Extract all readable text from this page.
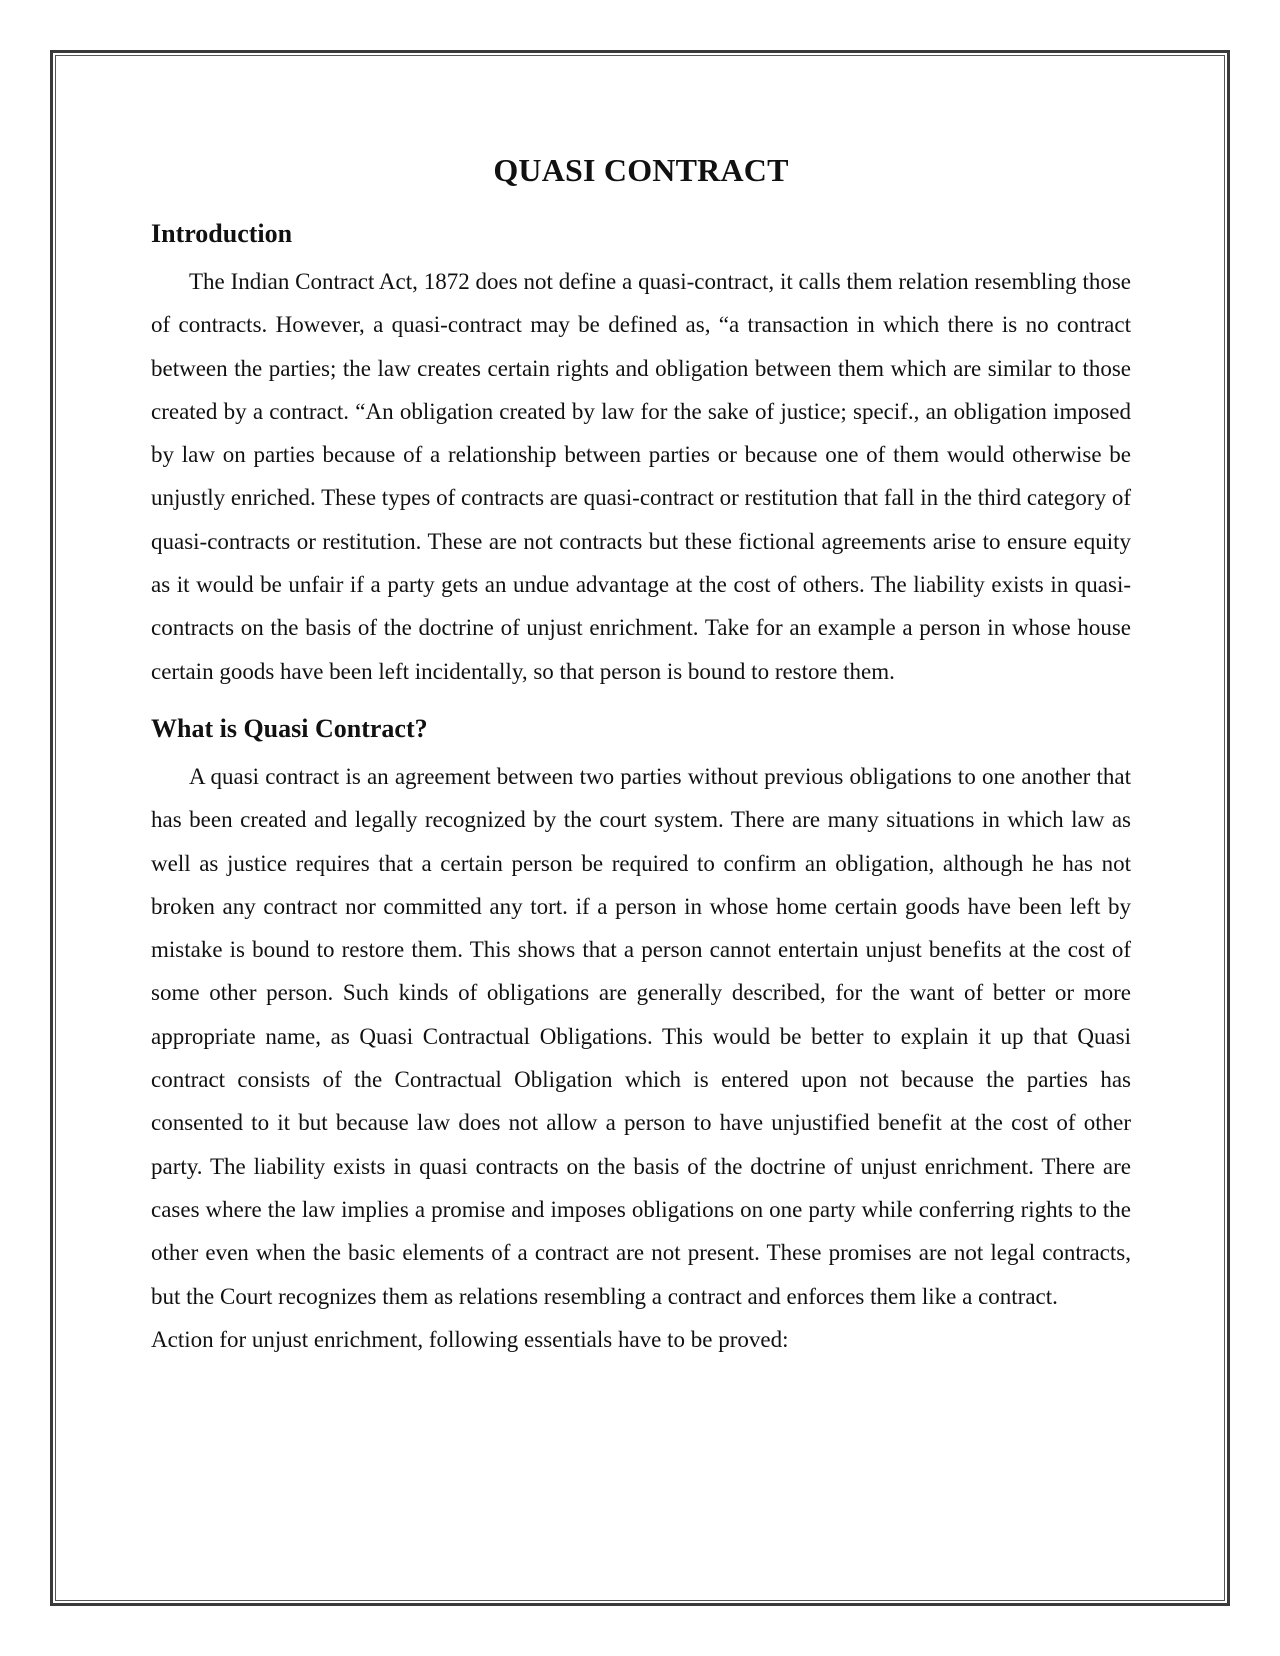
QUASI CONTRACT
Introduction

The Indian Contract Act, 1872 does not define a quasi-contract, it calls them relation resembling those of contracts. However, a quasi-contract may be defined as, “a transaction in which there is no contract between the parties; the law creates certain rights and obligation between them which are similar to those created by a contract. “An obligation created by law for the sake of justice; specif., an obligation imposed by law on parties because of a relationship between parties or because one of them would otherwise be unjustly enriched. These types of contracts are quasi-contract or restitution that fall in the third category of quasi-contracts or restitution. These are not contracts but these fictional agreements arise to ensure equity as it would be unfair if a party gets an undue advantage at the cost of others. The liability exists in quasi-contracts on the basis of the doctrine of unjust enrichment. Take for an example a person in whose house certain goods have been left incidentally, so that person is bound to restore them.

What is Quasi Contract?

A quasi contract is an agreement between two parties without previous obligations to one another that has been created and legally recognized by the court system. There are many situations in which law as well as justice requires that a certain person be required to confirm an obligation, although he has not broken any contract nor committed any tort. if a person in whose home certain goods have been left by mistake is bound to restore them. This shows that a person cannot entertain unjust benefits at the cost of some other person. Such kinds of obligations are generally described, for the want of better or more appropriate name, as Quasi Contractual Obligations. This would be better to explain it up that Quasi contract consists of the Contractual Obligation which is entered upon not because the parties has consented to it but because law does not allow a person to have unjustified benefit at the cost of other party. The liability exists in quasi contracts on the basis of the doctrine of unjust enrichment. There are cases where the law implies a promise and imposes obligations on one party while conferring rights to the other even when the basic elements of a contract are not present. These promises are not legal contracts, but the Court recognizes them as relations resembling a contract and enforces them like a contract.

Action for unjust enrichment, following essentials have to be proved:
